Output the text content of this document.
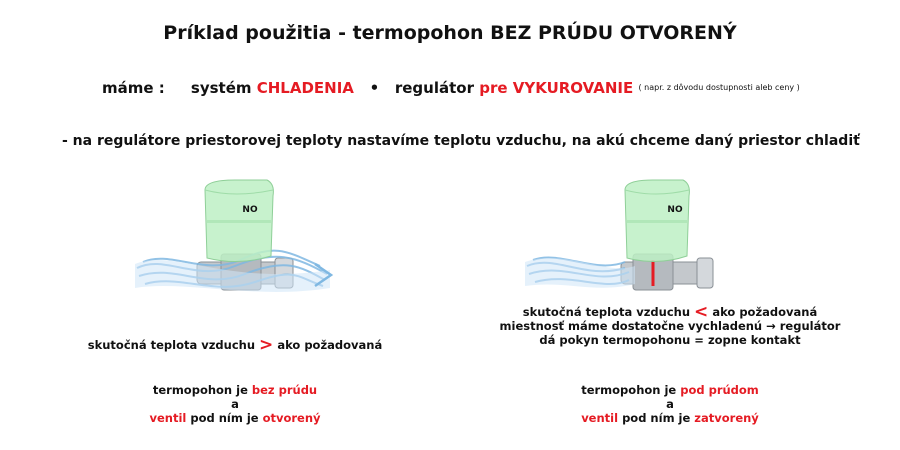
Príklad použitia - termopohon BEZ PRÚDU OTVORENÝ
máme : systém CHLADENIA • regulátor pre VYKUROVANIE $^{( napr. z dôvodu dostupnosti aleb ceny )}$
- na regulátore priestorovej teploty nastavíme teplotu vzduchu, na akú chceme daný priestor chladiť
NO	NO
skutočná teplota vzduchu > ako požadovaná
termopohon je bez prúdu
a
ventil pod ním je otvorený
skutočná teplota vzduchu < ako požadovaná
miestnosť máme dostatočne vychladenú → regulátor
dá pokyn termopohonu = zopne kontakt
termopohon je pod prúdom
a
ventil pod ním je zatvorený
